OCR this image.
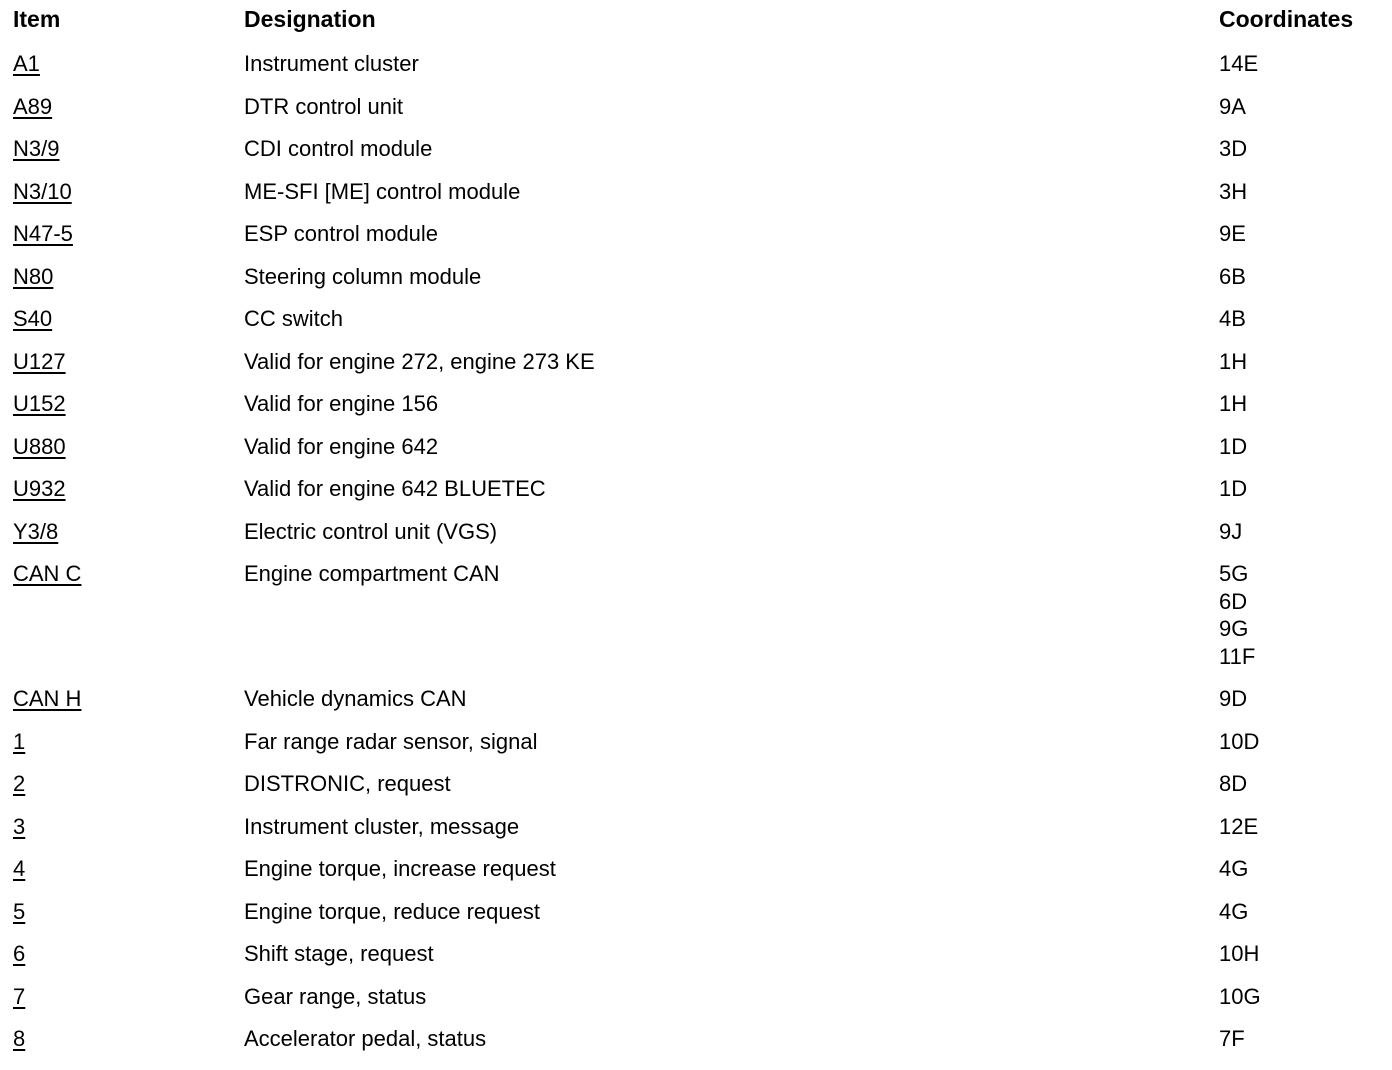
Item	Designation	Coordinates
A1	Instrument cluster	14E
A89	DTR control unit	9A
N3/9	CDI control module	3D
N3/10	ME-SFI [ME] control module	3H
N47-5	ESP control module	9E
N80	Steering column module	6B
S40	CC switch	4B
U127	Valid for engine 272, engine 273 KE	1H
U152	Valid for engine 156	1H
U880	Valid for engine 642	1D
U932	Valid for engine 642 BLUETEC	1D
Y3/8	Electric control unit (VGS)	9J
CAN C	Engine compartment CAN	5G
6D
9G
11F
CAN H	Vehicle dynamics CAN	9D
1	Far range radar sensor, signal	10D
2	DISTRONIC, request	8D
3	Instrument cluster, message	12E
4	Engine torque, increase request	4G
5	Engine torque, reduce request	4G
6	Shift stage, request	10H
7	Gear range, status	10G
8	Accelerator pedal, status	7F
